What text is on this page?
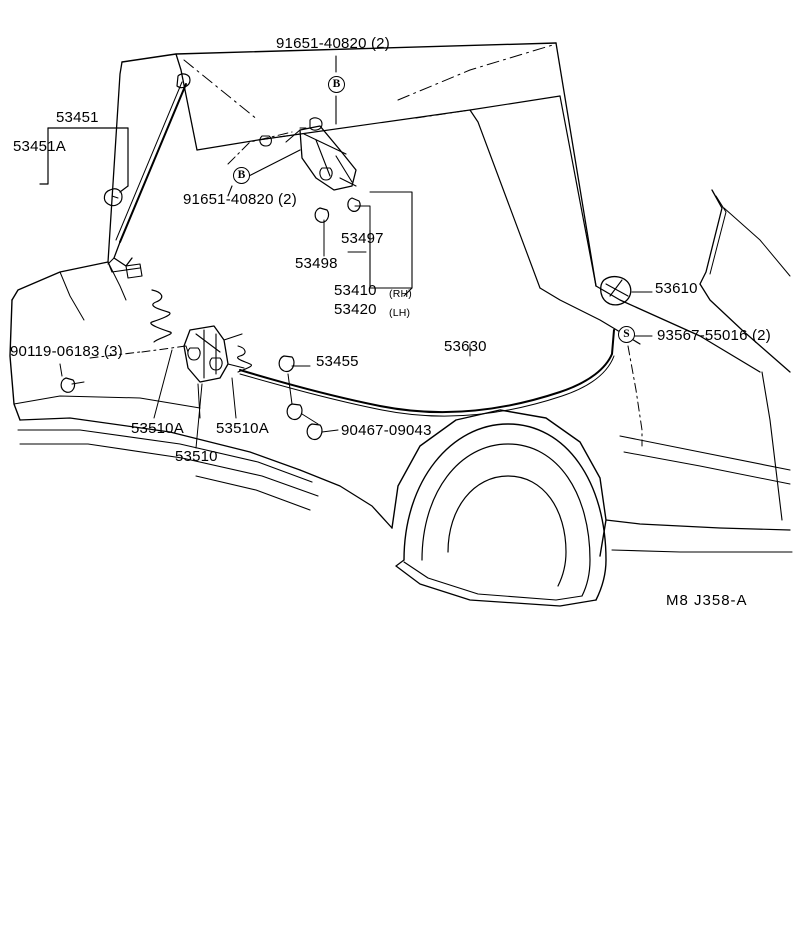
91651-40820 (2)
91651-40820 (2)
53451
53451A
53497
53498
53410
53420
(RH)
(LH)
53610
93567-55016 (2)
53630
53455
90119-06183 (3)
90467-09043
53510A 53510A
53510
B
B
S
M8 J358-A
